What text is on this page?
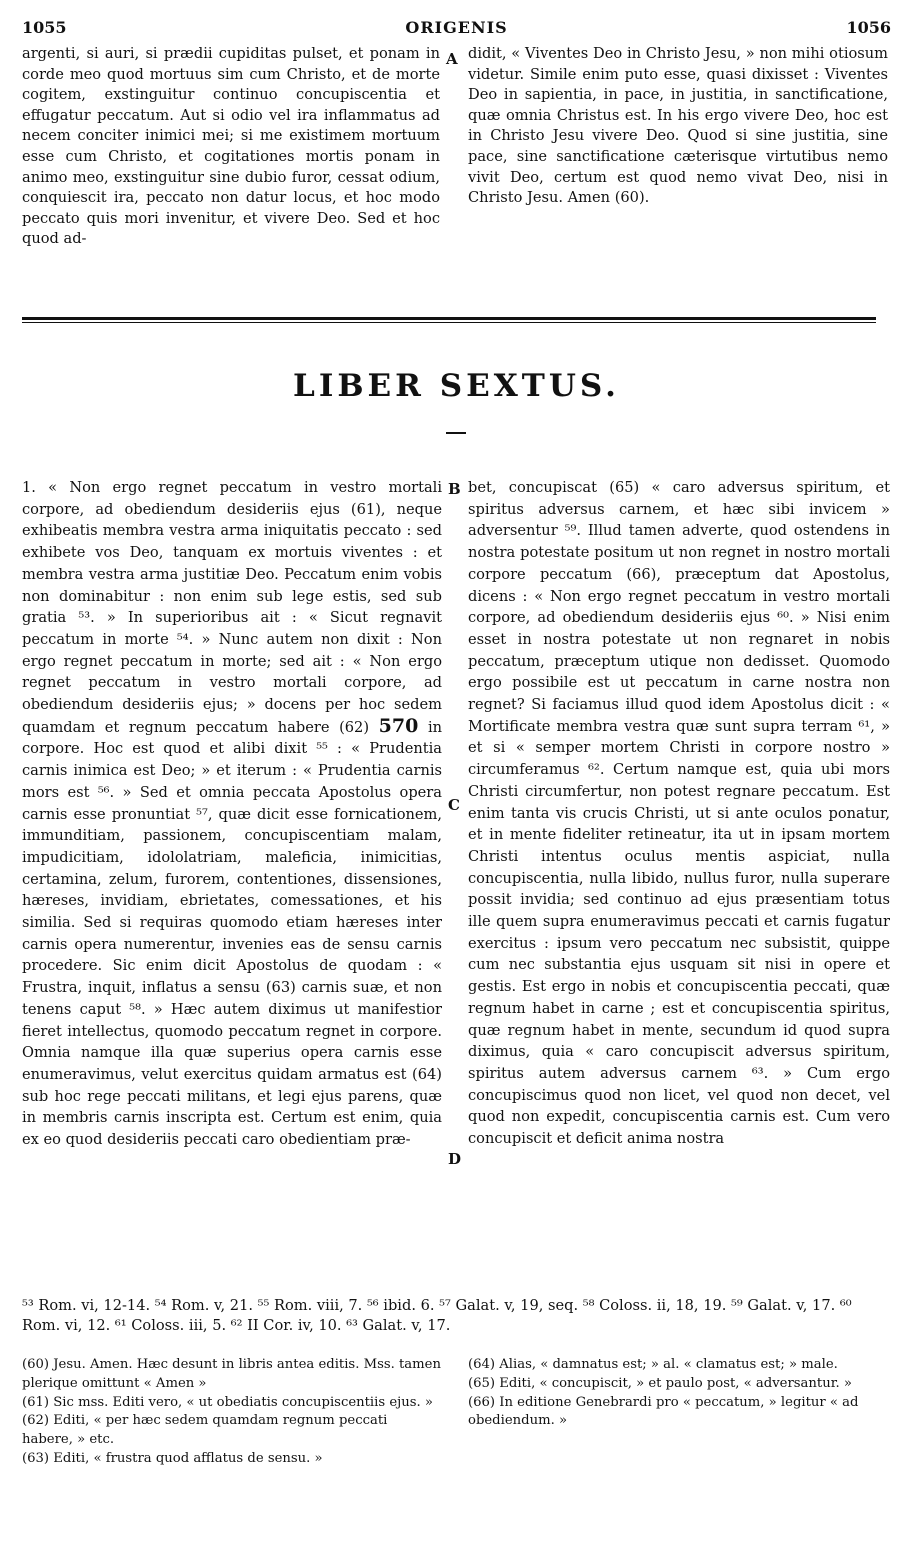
1055	ORIGENIS	1056

argenti, si auri, si prædii cupiditas pulset, et ponam in corde meo quod mortuus sim cum Christo, et de morte cogitem, exstinguitur continuo concupiscentia et effugatur peccatum. Aut si odio vel ira inflammatus ad necem conciter inimici mei; si me existimem mortuum esse cum Christo, et cogitationes mortis ponam in animo meo, exstinguitur sine dubio furor, cessat odium, conquiescit ira, peccato non datur locus, et hoc modo peccato quis mori invenitur, et vivere Deo. Sed et hoc quod ad-

A didit, « Viventes Deo in Christo Jesu, » non mihi otiosum videtur. Simile enim puto esse, quasi dixisset : Viventes Deo in sapientia, in pace, in justitia, in sanctificatione, quæ omnia Christus est. In his ergo vivere Deo, hoc est in Christo Jesu vivere Deo. Quod si sine justitia, sine pace, sine sanctificatione cæterisque virtutibus nemo vivit Deo, certum est quod nemo vivat Deo, nisi in Christo Jesu. Amen (60).

LIBER SEXTUS.

1. « Non ergo regnet peccatum in vestro mortali corpore, ad obediendum desideriis ejus (61), neque exhibeatis membra vestra arma iniquitatis peccato : sed exhibete vos Deo, tanquam ex mortuis viventes : et membra vestra arma justitiæ Deo. Peccatum enim vobis non dominabitur : non enim sub lege estis, sed sub gratia ⁵³. » In superioribus ait : « Sicut regnavit peccatum in morte ⁵⁴. » Nunc autem non dixit : Non ergo regnet peccatum in morte; sed ait : « Non ergo regnet peccatum in vestro mortali corpore, ad obediendum desideriis ejus; » docens per hoc sedem quamdam et regnum peccatum habere (62) 570 in corpore. Hoc est quod et alibi dixit ⁵⁵ : « Prudentia carnis inimica est Deo; » et iterum : « Prudentia carnis mors est ⁵⁶. » Sed et omnia peccata Apostolus opera carnis esse pronuntiat ⁵⁷, quæ dicit esse fornicationem, immunditiam, passionem, concupiscentiam malam, impudicitiam, idololatriam, maleficia, inimicitias, certamina, zelum, furorem, contentiones, dissensiones, hæreses, invidiam, ebrietates, comessationes, et his similia. Sed si requiras quomodo etiam hæreses inter carnis opera numerentur, invenies eas de sensu carnis procedere. Sic enim dicit Apostolus de quodam : « Frustra, inquit, inflatus a sensu (63) carnis suæ, et non tenens caput ⁵⁸. » Hæc autem diximus ut manifestior fieret intellectus, quomodo peccatum regnet in corpore. Omnia namque illa quæ superius opera carnis esse enumeravimus, velut exercitus quidam armatus est (64) sub hoc rege peccati militans, et legi ejus parens, quæ in membris carnis inscripta est. Certum est enim, quia ex eo quod desideriis peccati caro obedientiam præ-

B
C
D

bet, concupiscat (65) « caro adversus spiritum, et spiritus adversus carnem, et hæc sibi invicem » adversentur ⁵⁹. Illud tamen adverte, quod ostendens in nostra potestate positum ut non regnet in nostro mortali corpore peccatum (66), præceptum dat Apostolus, dicens : « Non ergo regnet peccatum in vestro mortali corpore, ad obediendum desideriis ejus ⁶⁰. » Nisi enim esset in nostra potestate ut non regnaret in nobis peccatum, præceptum utique non dedisset. Quomodo ergo possibile est ut peccatum in carne nostra non regnet? Si faciamus illud quod idem Apostolus dicit : « Mortificate membra vestra quæ sunt supra terram ⁶¹, » et si « semper mortem Christi in corpore nostro » circumferamus ⁶². Certum namque est, quia ubi mors Christi circumfertur, non potest regnare peccatum. Est enim tanta vis crucis Christi, ut si ante oculos ponatur, et in mente fideliter retineatur, ita ut in ipsam mortem Christi intentus oculus mentis aspiciat, nulla concupiscentia, nulla libido, nullus furor, nulla superare possit invidia; sed continuo ad ejus præsentiam totus ille quem supra enumeravimus peccati et carnis fugatur exercitus : ipsum vero peccatum nec subsistit, quippe cum nec substantia ejus usquam sit nisi in opere et gestis. Est ergo in nobis et concupiscentia peccati, quæ regnum habet in carne ; est et concupiscentia spiritus, quæ regnum habet in mente, secundum id quod supra diximus, quia « caro concupiscit adversus spiritum, spiritus autem adversus carnem ⁶³. » Cum ergo concupiscimus quod non licet, vel quod non decet, vel quod non expedit, concupiscentia carnis est. Cum vero concupiscit et deficit anima nostra

⁵³ Rom. vi, 12-14. ⁵⁴ Rom. v, 21. ⁵⁵ Rom. viii, 7. ⁵⁶ ibid. 6. ⁵⁷ Galat. v, 19, seq. ⁵⁸ Coloss. ii, 18, 19. ⁵⁹ Galat. v, 17. ⁶⁰ Rom. vi, 12. ⁶¹ Coloss. iii, 5. ⁶² II Cor. iv, 10. ⁶³ Galat. v, 17.

(60) Jesu. Amen. Hæc desunt in libris antea editis. Mss. tamen plerique omittunt « Amen »

(61) Sic mss. Editi vero, « ut obediatis concupiscentiis ejus. »

(62) Editi, « per hæc sedem quamdam regnum peccati habere, » etc.

(63) Editi, « frustra quod afflatus de sensu. »

(64) Alias, « damnatus est; » al. « clamatus est; » male.

(65) Editi, « concupiscit, » et paulo post, « adversantur. »

(66) In editione Genebrardi pro « peccatum, » legitur « ad obediendum. »
